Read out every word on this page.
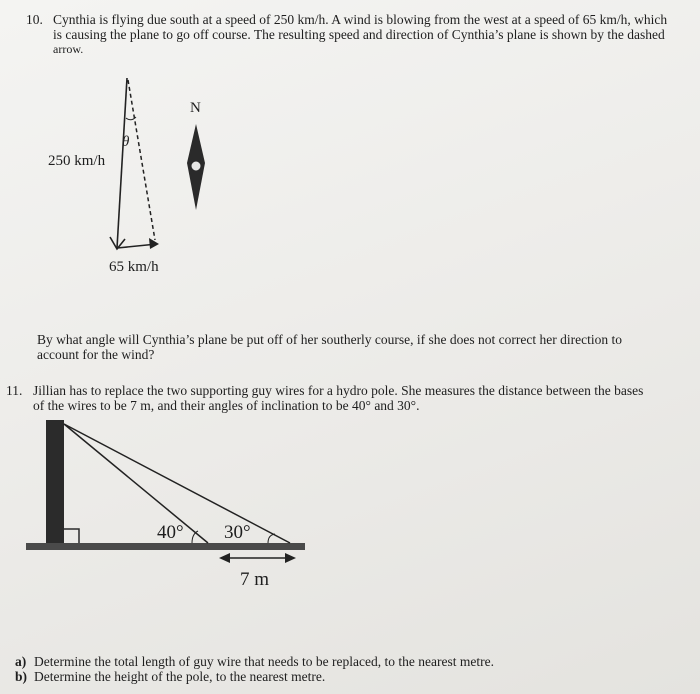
10. Cynthia is flying due south at a speed of 250 km/h. A wind is blowing from the west at a speed of 65 km/h, which
is causing the plane to go off course. The resulting speed and direction of Cynthia’s plane is shown by the dashed
arrow.
250 km/h
65 km/h
θ
N
By what angle will Cynthia’s plane be put off of her southerly course, if she does not correct her direction to
account for the wind?
11. Jillian has to replace the two supporting guy wires for a hydro pole. She measures the distance between the bases
of the wires to be 7 m, and their angles of inclination to be 40° and 30°.
40° 30°
7 m
a) Determine the total length of guy wire that needs to be replaced, to the nearest metre.
b) Determine the height of the pole, to the nearest metre.
